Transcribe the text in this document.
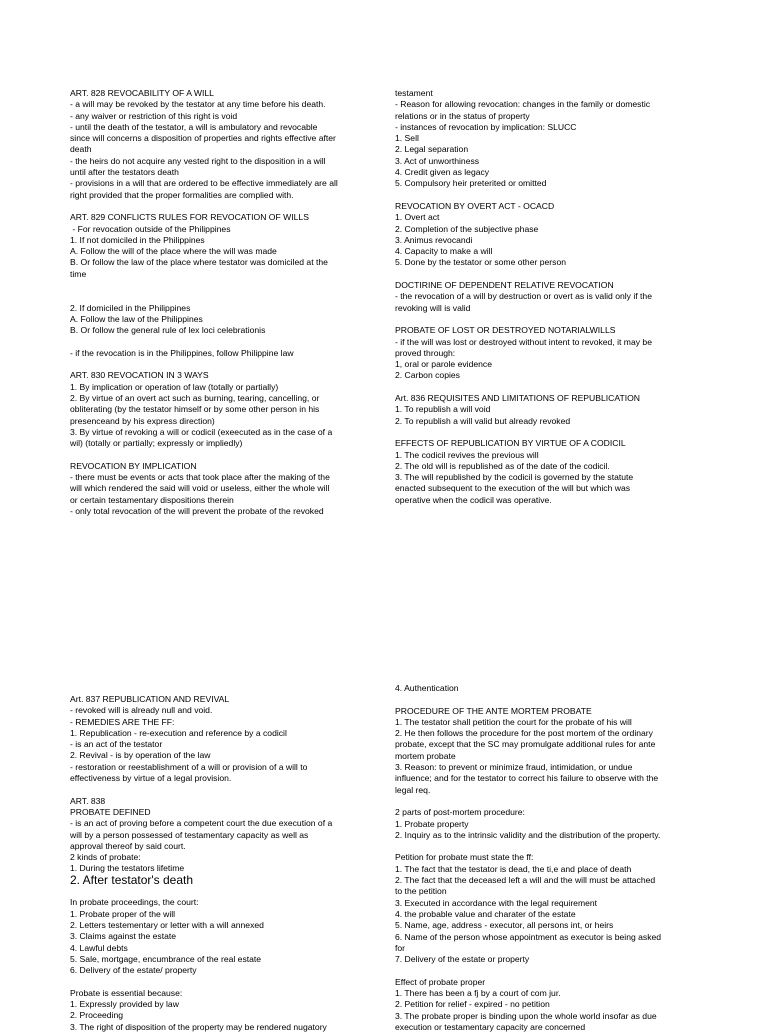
ART. 828 REVOCABILITY OF A WILL
- a will may be revoked by the testator at any time before his death.
- any waiver or restriction of this right is void
- until the death of the testator, a will is ambulatory and revocable
since will concerns a disposition of properties and rights effective after
death
- the heirs do not acquire any vested right to the disposition in a will
until after the testators death
- provisions in a will that are ordered to be effective immediately are all
right provided that the proper formalities are complied with.
ART. 829 CONFLICTS RULES FOR REVOCATION OF WILLS
- For revocation outside of the Philippines
1. If not domiciled in the Philippines
A. Follow the will of the place where the will was made
B. Or follow the law of the place where testator was domiciled at the
time
2. If domiciled in the Philippines
A. Follow the law of the Philippines
B. Or follow the general rule of lex loci celebrationis
- if the revocation is in the Philippines, follow Philippine law
ART. 830 REVOCATION IN 3 WAYS
1. By implication or operation of law (totally or partially)
2. By virtue of an overt act such as burning, tearing, cancelling, or
obliterating (by the testator himself or by some other person in his
presenceand by his express direction)
3. By virtue of revoking a will or codicil (exeecuted as in the case of a
wil) (totally or partially; expressly or impliedly)
REVOCATION BY IMPLICATION
- there must be events or acts that took place after the making of the
will which rendered the said will void or useless, either the whole will
or certain testamentary dispositions therein
- only total revocation of the will prevent the probate of the revoked
testament
- Reason for allowing revocation: changes in the family or domestic
relations or in the status of property
- instances of revocation by implication: SLUCC
1. Sell
2. Legal separation
3. Act of unworthiness
4. Credit given as legacy
5. Compulsory heir preterited or omitted
REVOCATION BY OVERT ACT - OCACD
1. Overt act
2. Completion of the subjective phase
3. Animus revocandi
4. Capacity to make a will
5. Done by the testator or some other person
DOCTIRINE OF DEPENDENT RELATIVE REVOCATION
- the revocation of a will by destruction or overt as is valid only if the
revoking will is valid
PROBATE OF LOST OR DESTROYED NOTARIALWILLS
- if the will was lost or destroyed without intent to revoked, it may be
proved through:
1, oral or parole evidence
2. Carbon copies
Art. 836 REQUISITES AND LIMITATIONS OF REPUBLICATION
1. To republish a will void
2. To republish a will valid but already revoked
EFFECTS OF REPUBLICATION BY VIRTUE OF A CODICIL
1. The codicil revives the previous will
2. The old will is republished as of the date of the codicil.
3. The will republished by the codicil is governed by the statute
enacted subsequent to the execution of the will but which was
operative when the codicil was operative.
Art. 837 REPUBLICATION AND REVIVAL
- revoked will is already null and void.
- REMEDIES ARE THE FF:
1. Republication - re-execution and reference by a codicil
- is an act of the testator
2. Revival - is by operation of the law
- restoration or reestablishment of a will or provision of a will to
effectiveness by virtue of a legal provision.
ART. 838
PROBATE DEFINED
- is an act of proving before a competent court the due execution of a
will by a person possessed of testamentary capacity as well as
approval thereof by said court.
2 kinds of probate:
1. During the testators lifetime
2. After testator's death
In probate proceedings, the court:
1. Probate proper of the will
2. Letters testementary or letter with a will annexed
3. Claims against the estate
4. Lawful debts
5. Sale, mortgage, encumbrance of the real estate
6. Delivery of the estate/ property
Probate is essential because:
1. Expressly provided by law
2. Proceeding
3. The right of disposition of the property may be rendered nugatory
4. Authentication
PROCEDURE OF THE ANTE MORTEM PROBATE
1. The testator shall petition the court for the probate of his will
2. He then follows the procedure for the post mortem of the ordinary
probate, except that the SC may promulgate additional rules for ante
mortem probate
3. Reason: to prevent or minimize fraud, intimidation, or undue
influence; and for the testator to correct his failure to observe with the
legal req.
2 parts of post-mortem procedure:
1. Probate property
2. Inquiry as to the intrinsic validity and the distribution of the property.
Petition for probate must state the ff:
1. The fact that the testator is dead, the ti,e and place of death
2. The fact that the deceased left a will and the will must be attached
to the petition
3. Executed in accordance with the legal requirement
4. the probable value and charater of the estate
5. Name, age, address - executor, all persons int, or heirs
6. Name of the person whose appointment as executor is being asked
for
7. Delivery of the estate or property
Effect of probate proper
1. There has been a fj by a court of com jur.
2. Petition for relief - expired - no petition
3. The probate proper is binding upon the whole world insofar as due
execution or testamentary capacity are concerned
